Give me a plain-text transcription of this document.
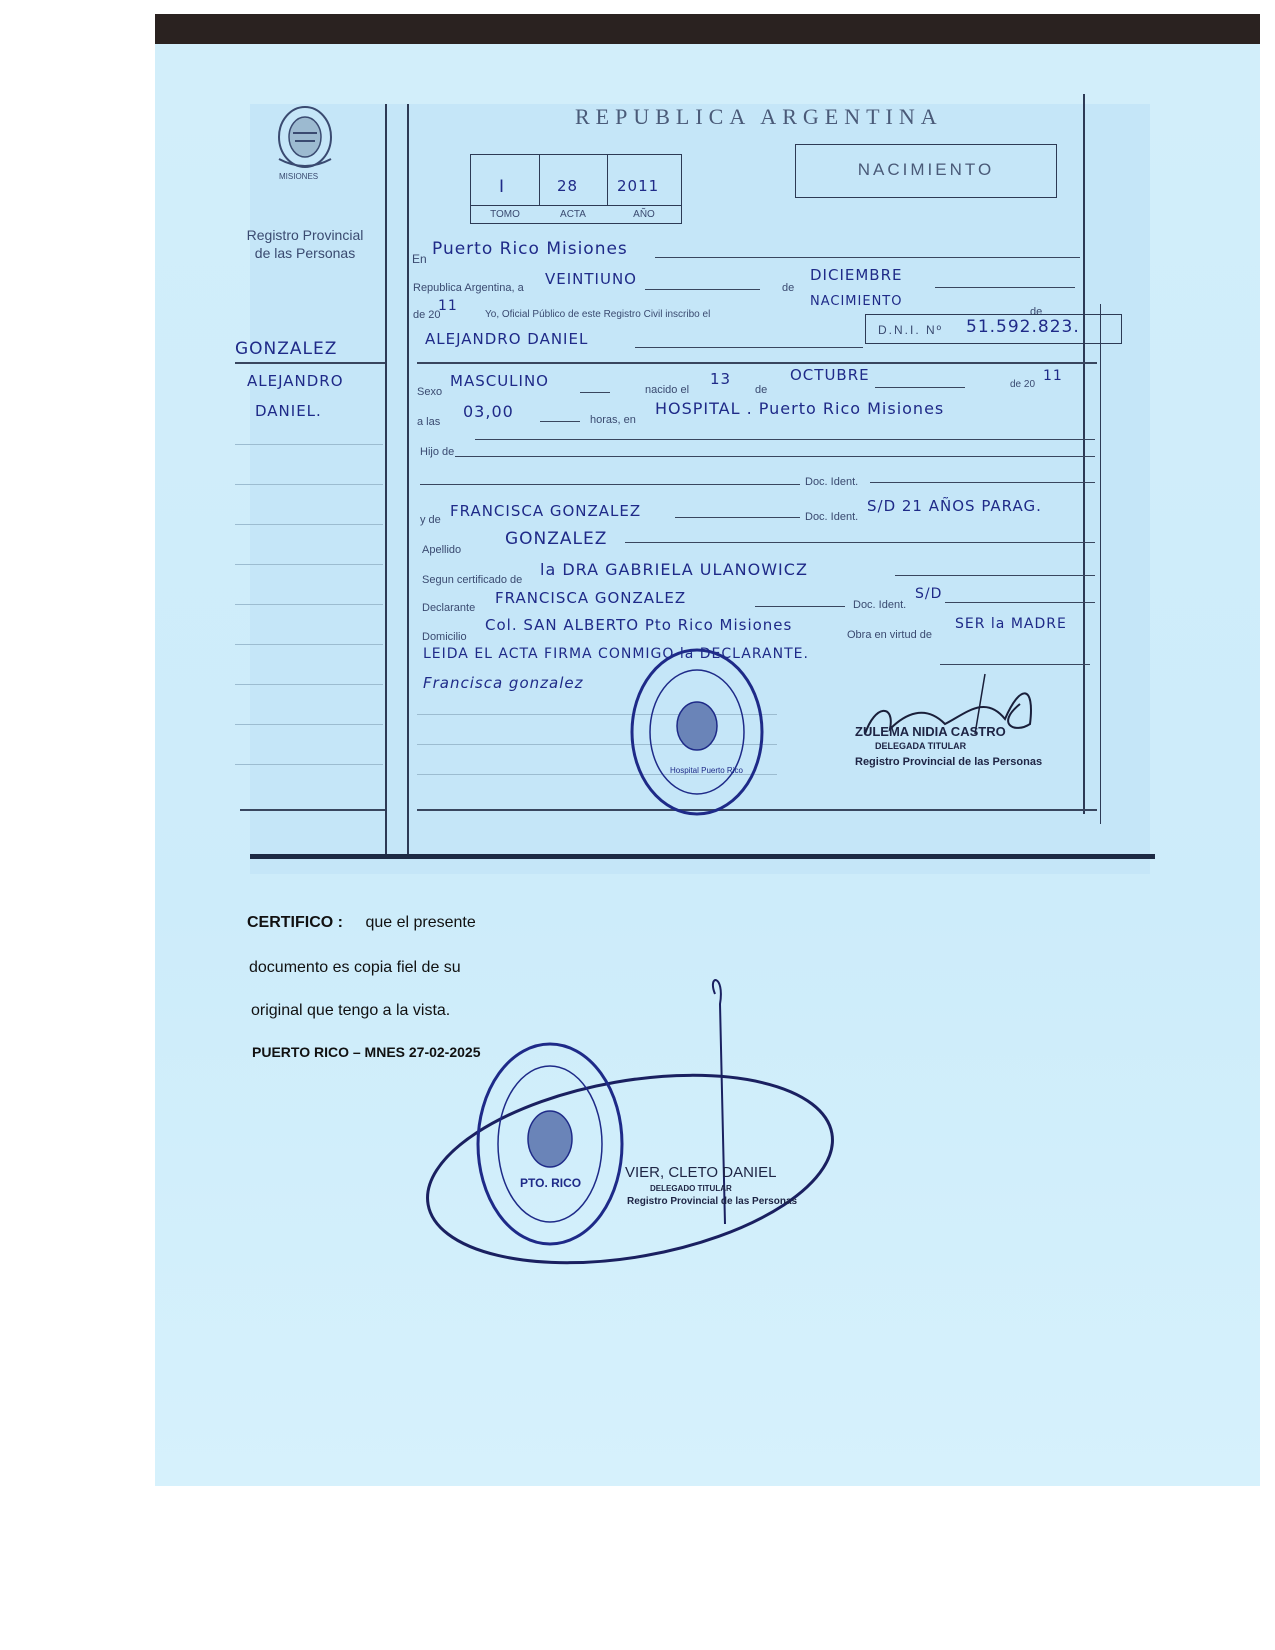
MISIONES
Registro Provincial
de las Personas
GONZALEZ
ALEJANDRO
DANIEL.
REPUBLICA ARGENTINA
I	28	2011
TOMO	ACTA	AÑO
NACIMIENTO
En Puerto Rico Misiones
Republica Argentina, a VEINTIUNO	de
DICIEMBRE
de 20
11
Yo, Oficial Público de este Registro Civil inscribo el
NACIMIENTO
de
ALEJANDRO DANIEL	D.N.I. Nº 51.592.823.
Sexo
MASCULINO	nacido el
13
de
OCTUBRE
de 20
11
a las
03,00	horas, en
HOSPITAL . Puerto Rico Misiones
Hijo de
Doc. Ident.
y de FRANCISCA GONZALEZ	Doc. Ident.
S/D 21 AÑOS PARAG.
Apellido
GONZALEZ
Segun certificado de
la DRA GABRIELA ULANOWICZ
Declarante
FRANCISCA GONZALEZ	Doc. Ident.
S/D
Domicilio
Col. SAN ALBERTO Pto Rico Misiones
Obra en virtud de
SER la MADRE
LEIDA EL ACTA FIRMA CONMIGO la DECLARANTE.
Francisca gonzalez
Hospital Puerto Rico
ZULEMA NIDIA CASTRO
DELEGADA TITULAR
Registro Provincial de las Personas
CERTIFICO : que el presente
documento es copia fiel de su
original que tengo a la vista.
PUERTO RICO – MNES 27-02-2025
PTO. RICO
VIER, CLETO DANIEL
DELEGADO TITULAR
Registro Provincial de las Personas
